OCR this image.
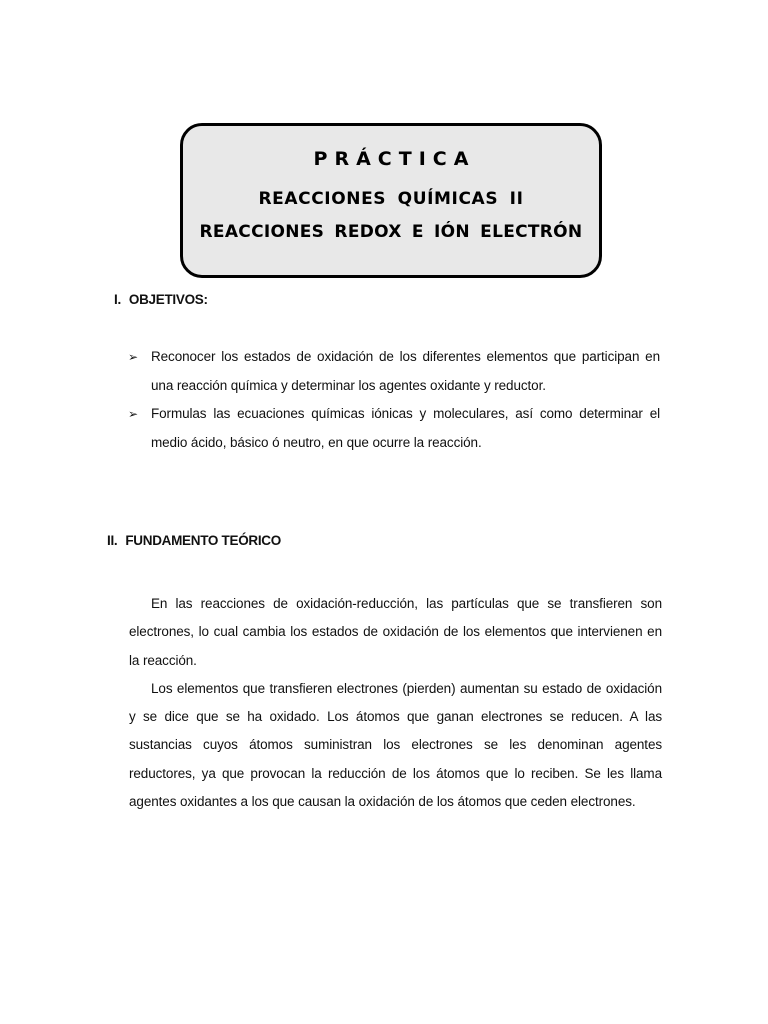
PRÁCTICA
REACCIONES QUÍMICAS II
REACCIONES REDOX E IÓN ELECTRÓN
I. OBJETIVOS:
➢ Reconocer los estados de oxidación de los diferentes elementos que participan en una reacción química y determinar los agentes oxidante y reductor.
➢ Formulas las ecuaciones químicas iónicas y moleculares, así como determinar el medio ácido, básico ó neutro, en que ocurre la reacción.
II. FUNDAMENTO TEÓRICO

En las reacciones de oxidación-reducción, las partículas que se transfieren son electrones, lo cual cambia los estados de oxidación de los elementos que intervienen en la reacción.

Los elementos que transfieren electrones (pierden) aumentan su estado de oxidación y se dice que se ha oxidado. Los átomos que ganan electrones se reducen. A las sustancias cuyos átomos suministran los electrones se les denominan agentes reductores, ya que provocan la reducción de los átomos que lo reciben. Se les llama agentes oxidantes a los que causan la oxidación de los átomos que ceden electrones.
